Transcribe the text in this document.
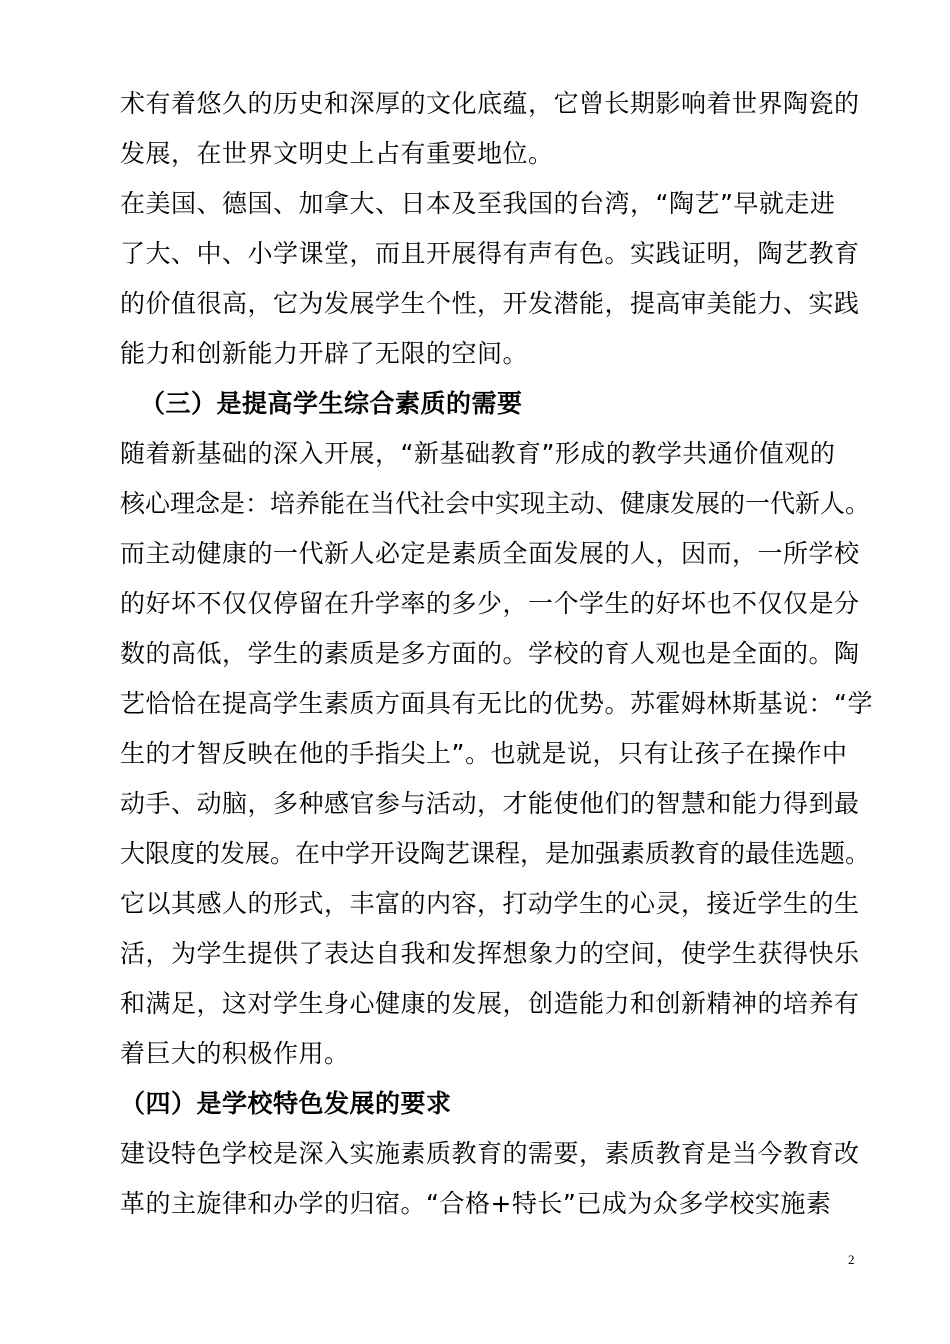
术有着悠久的历史和深厚的文化底蕴，它曾长期影响着世界陶瓷的
发展，在世界文明史上占有重要地位。
在美国、德国、加拿大、日本及至我国的台湾，“陶艺”早就走进
了大、中、小学课堂，而且开展得有声有色。实践证明，陶艺教育
的价值很高，它为发展学生个性，开发潜能，提高审美能力、实践
能力和创新能力开辟了无限的空间。
（三）是提高学生综合素质的需要
随着新基础的深入开展，“新基础教育”形成的教学共通价值观的
核心理念是：培养能在当代社会中实现主动、健康发展的一代新人。
而主动健康的一代新人必定是素质全面发展的人，因而，一所学校
的好坏不仅仅停留在升学率的多少，一个学生的好坏也不仅仅是分
数的高低，学生的素质是多方面的。学校的育人观也是全面的。陶
艺恰恰在提高学生素质方面具有无比的优势。苏霍姆林斯基说：“学
生的才智反映在他的手指尖上”。也就是说，只有让孩子在操作中
动手、动脑，多种感官参与活动，才能使他们的智慧和能力得到最
大限度的发展。在中学开设陶艺课程，是加强素质教育的最佳选题。
它以其感人的形式，丰富的内容，打动学生的心灵，接近学生的生
活，为学生提供了表达自我和发挥想象力的空间，使学生获得快乐
和满足，这对学生身心健康的发展，创造能力和创新精神的培养有
着巨大的积极作用。
（四）是学校特色发展的要求
建设特色学校是深入实施素质教育的需要，素质教育是当今教育改
革的主旋律和办学的归宿。“合格+特长”已成为众多学校实施素
2
